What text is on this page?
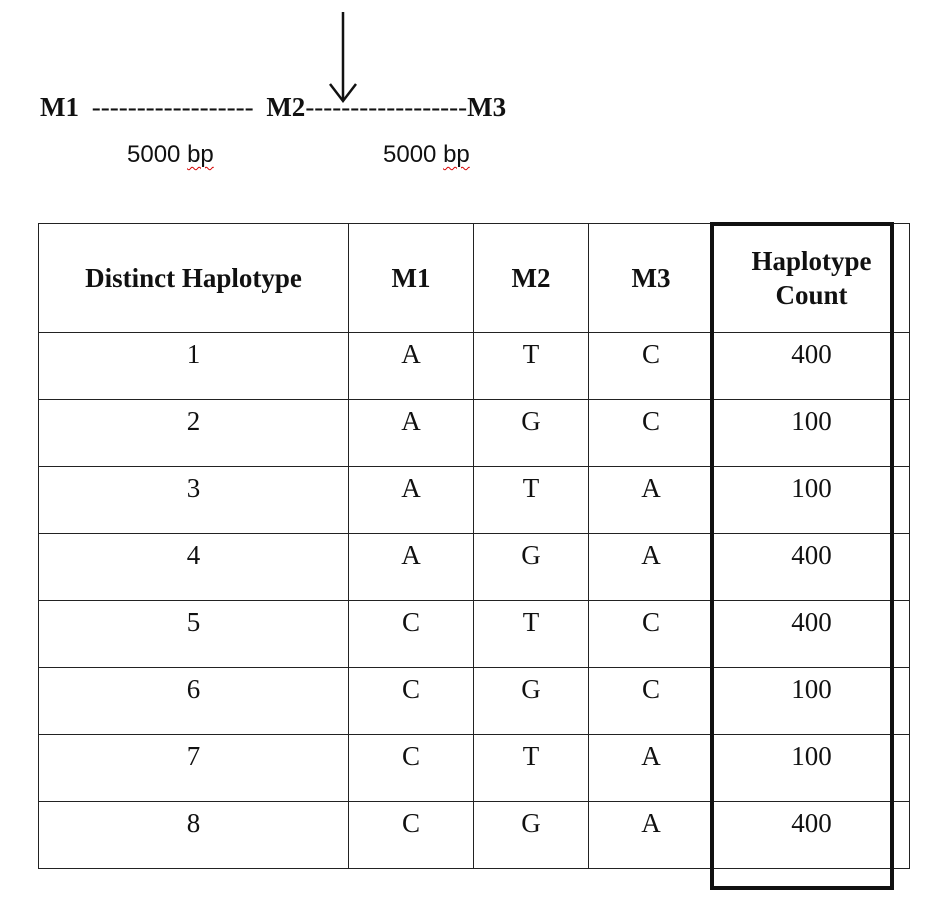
M1 ------------------ M2------------------M3
5000 bp	5000 bp
Distinct Haplotype	M1	M2	M3	Haplotype Count
1	A	T	C	400
2	A	G	C	100
3	A	T	A	100
4	A	G	A	400
5	C	T	C	400
6	C	G	C	100
7	C	T	A	100
8	C	G	A	400
